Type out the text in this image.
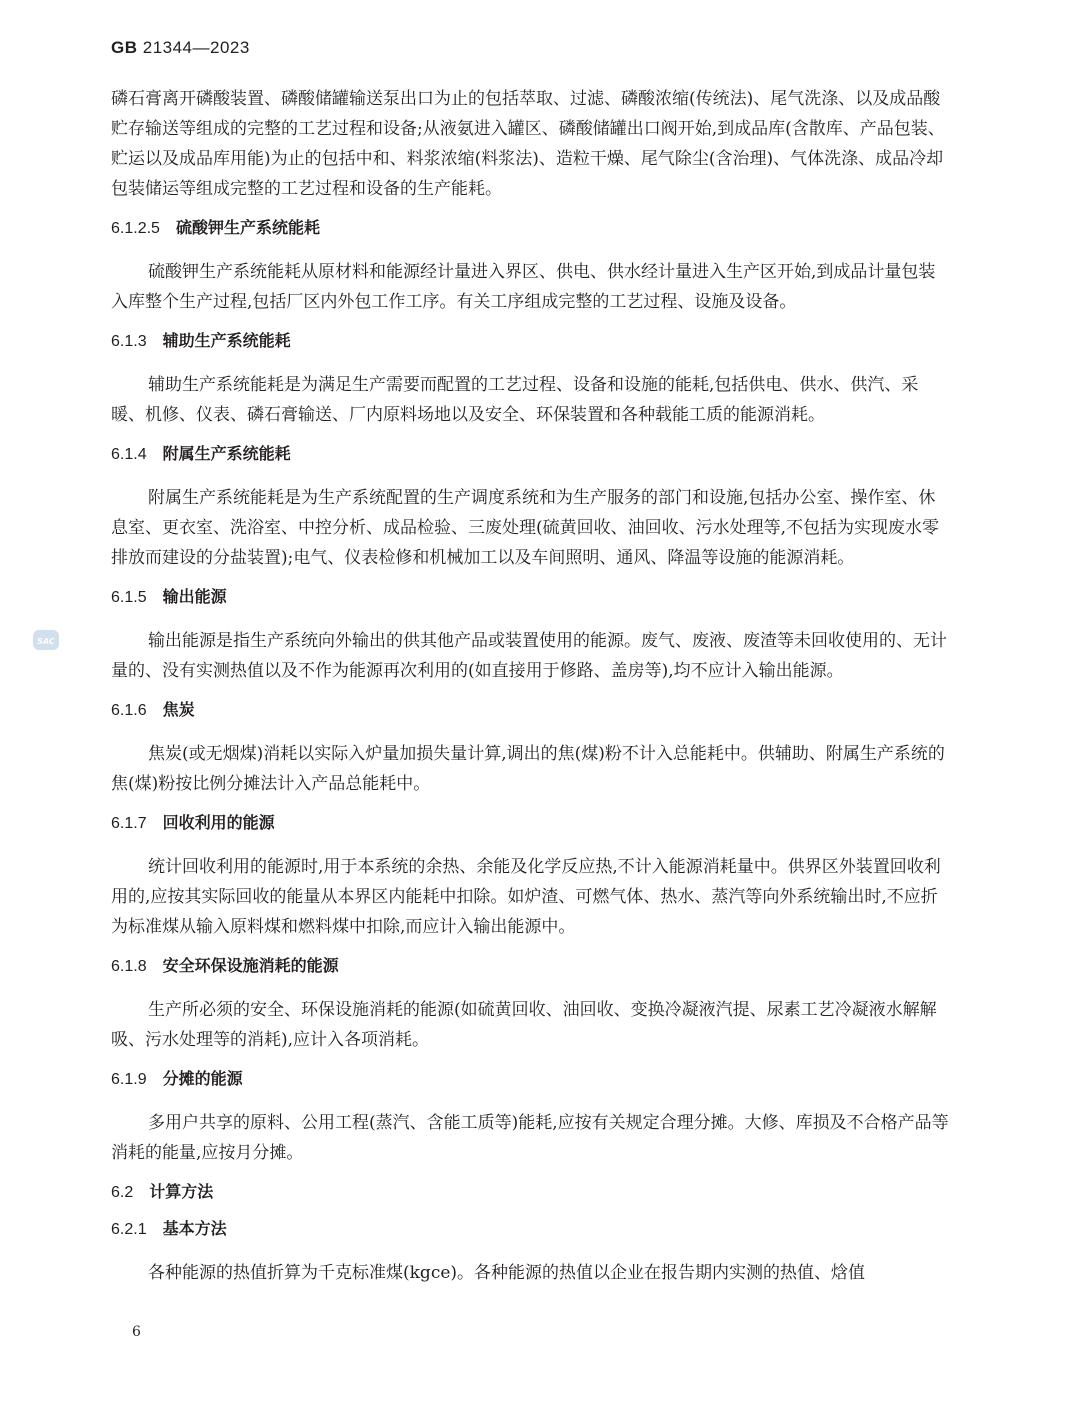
GB 21344—2023
SAC

磷石膏离开磷酸装置、磷酸储罐输送泵出口为止的包括萃取、过滤、磷酸浓缩(传统法)、尾气洗涤、以及成品酸贮存输送等组成的完整的工艺过程和设备;从液氨进入罐区、磷酸储罐出口阀开始,到成品库(含散库、产品包装、贮运以及成品库用能)为止的包括中和、料浆浓缩(料浆法)、造粒干燥、尾气除尘(含治理)、气体洗涤、成品冷却包装储运等组成完整的工艺过程和设备的生产能耗。

6.1.2.5 硫酸钾生产系统能耗

硫酸钾生产系统能耗从原材料和能源经计量进入界区、供电、供水经计量进入生产区开始,到成品计量包装入库整个生产过程,包括厂区内外包工作工序。有关工序组成完整的工艺过程、设施及设备。

6.1.3 辅助生产系统能耗

辅助生产系统能耗是为满足生产需要而配置的工艺过程、设备和设施的能耗,包括供电、供水、供汽、采暖、机修、仪表、磷石膏输送、厂内原料场地以及安全、环保装置和各种载能工质的能源消耗。

6.1.4 附属生产系统能耗

附属生产系统能耗是为生产系统配置的生产调度系统和为生产服务的部门和设施,包括办公室、操作室、休息室、更衣室、洗浴室、中控分析、成品检验、三废处理(硫黄回收、油回收、污水处理等,不包括为实现废水零排放而建设的分盐装置);电气、仪表检修和机械加工以及车间照明、通风、降温等设施的能源消耗。

6.1.5 输出能源

输出能源是指生产系统向外输出的供其他产品或装置使用的能源。废气、废液、废渣等未回收使用的、无计量的、没有实测热值以及不作为能源再次利用的(如直接用于修路、盖房等),均不应计入输出能源。

6.1.6 焦炭

焦炭(或无烟煤)消耗以实际入炉量加损失量计算,调出的焦(煤)粉不计入总能耗中。供辅助、附属生产系统的焦(煤)粉按比例分摊法计入产品总能耗中。

6.1.7 回收利用的能源

统计回收利用的能源时,用于本系统的余热、余能及化学反应热,不计入能源消耗量中。供界区外装置回收利用的,应按其实际回收的能量从本界区内能耗中扣除。如炉渣、可燃气体、热水、蒸汽等向外系统输出时,不应折为标准煤从输入原料煤和燃料煤中扣除,而应计入输出能源中。

6.1.8 安全环保设施消耗的能源

生产所必须的安全、环保设施消耗的能源(如硫黄回收、油回收、变换冷凝液汽提、尿素工艺冷凝液水解解吸、污水处理等的消耗),应计入各项消耗。

6.1.9 分摊的能源

多用户共享的原料、公用工程(蒸汽、含能工质等)能耗,应按有关规定合理分摊。大修、库损及不合格产品等消耗的能量,应按月分摊。

6.2 计算方法
6.2.1 基本方法

各种能源的热值折算为千克标准煤(kgce)。各种能源的热值以企业在报告期内实测的热值、焓值

6
